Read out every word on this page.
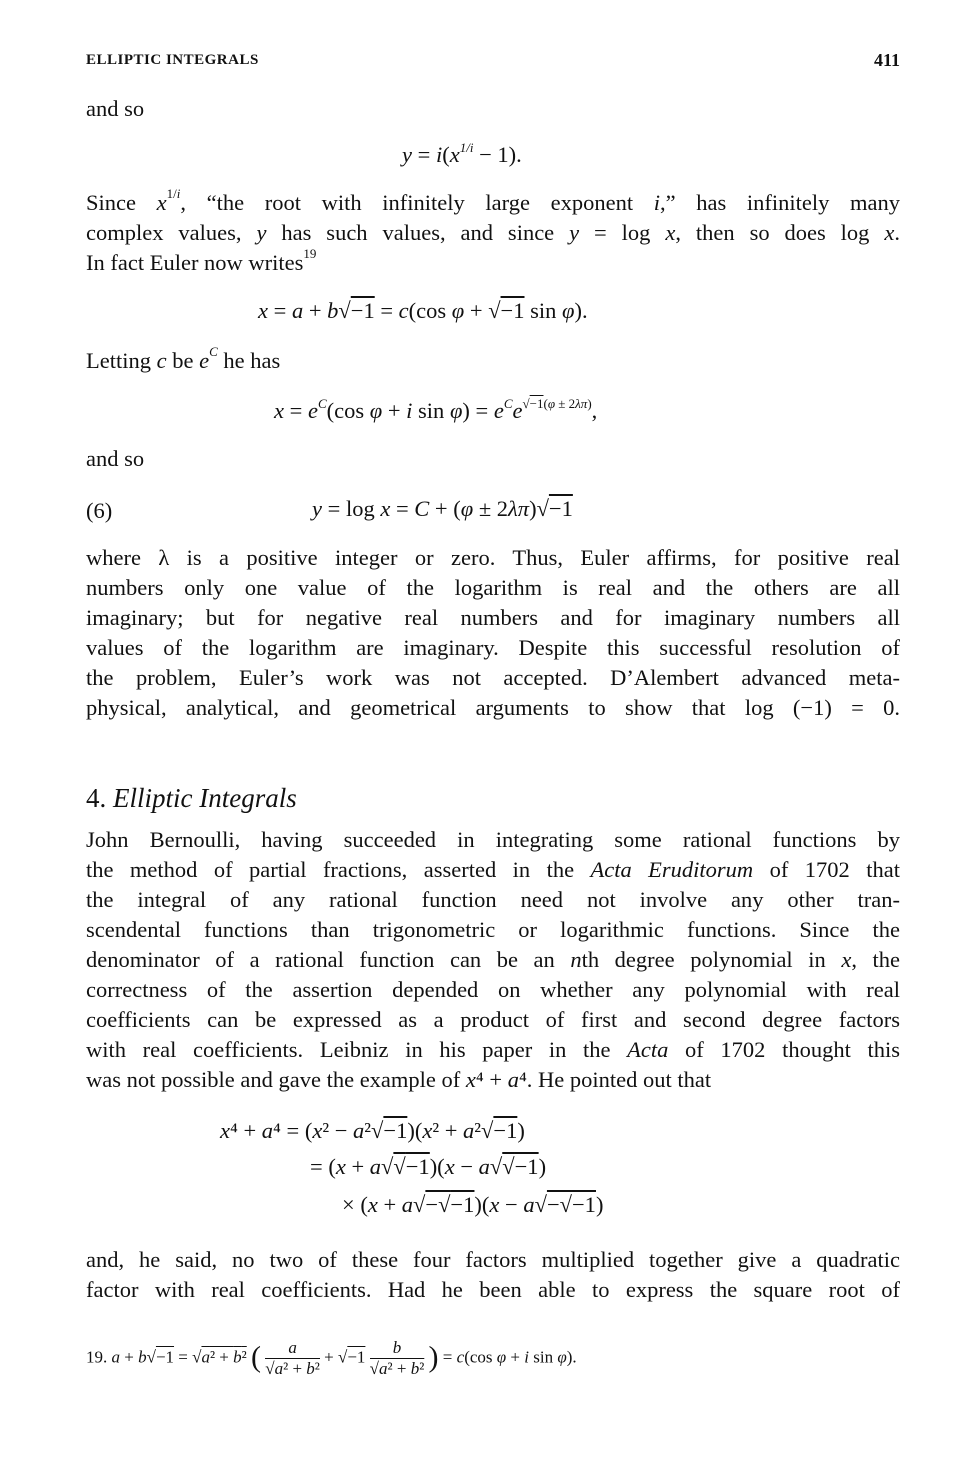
ELLIPTIC INTEGRALS	411
and so
$y = i(x^{1/i} - 1)$.
Since $x^{1/i}$, “the root with infinitely large exponent i,” has infinitely many
complex values, y has such values, and since y = log x, then so does log x.
In fact Euler now writes$^{19}$
x = a + b√−1 = c(cos φ + √−1 sin φ).
Letting c be $e^C$ he has
$x = e^C(\cos$ φ + i $\sin \varphi) = e^Ce^{√-1(\varphi \pm 2\lambda\pi)}$,
and so
(6)	y = log x = C + (φ ± 2λπ)√−1
where λ is a positive integer or zero. Thus, Euler affirms, for positive real
numbers only one value of the logarithm is real and the others are all
imaginary; but for negative real numbers and for imaginary numbers all
values of the logarithm are imaginary. Despite this successful resolution of
the problem, Euler’s work was not accepted. D’Alembert advanced meta-
physical, analytical, and geometrical arguments to show that log (−1) = 0.
4. Elliptic Integrals
John Bernoulli, having succeeded in integrating some rational functions by
the method of partial fractions, asserted in the Acta Eruditorum of 1702 that
the integral of any rational function need not involve any other tran-
scendental functions than trigonometric or logarithmic functions. Since the
denominator of a rational function can be an nth degree polynomial in x, the
correctness of the assertion depended on whether any polynomial with real
coefficients can be expressed as a product of first and second degree factors
with real coefficients. Leibniz in his paper in the Acta of 1702 thought this
was not possible and gave the example of x⁴ + a⁴. He pointed out that
x⁴ + a⁴ = (x² − a²√−1)(x² + a²√−1)
= (x + a√√−1)(x − a√√−1)
× (x + a√−√−1)(x − a√−√−1)
and, he said, no two of these four factors multiplied together give a quadratic
factor with real coefficients. Had he been able to express the square root of
19. a + b√−1 = √a² + b² ( $\frac{a}{\text{√a² + b²}} + √-1 \frac{b}{\text{√a² + b²}}$ ) = c(cos φ + i sin φ).
